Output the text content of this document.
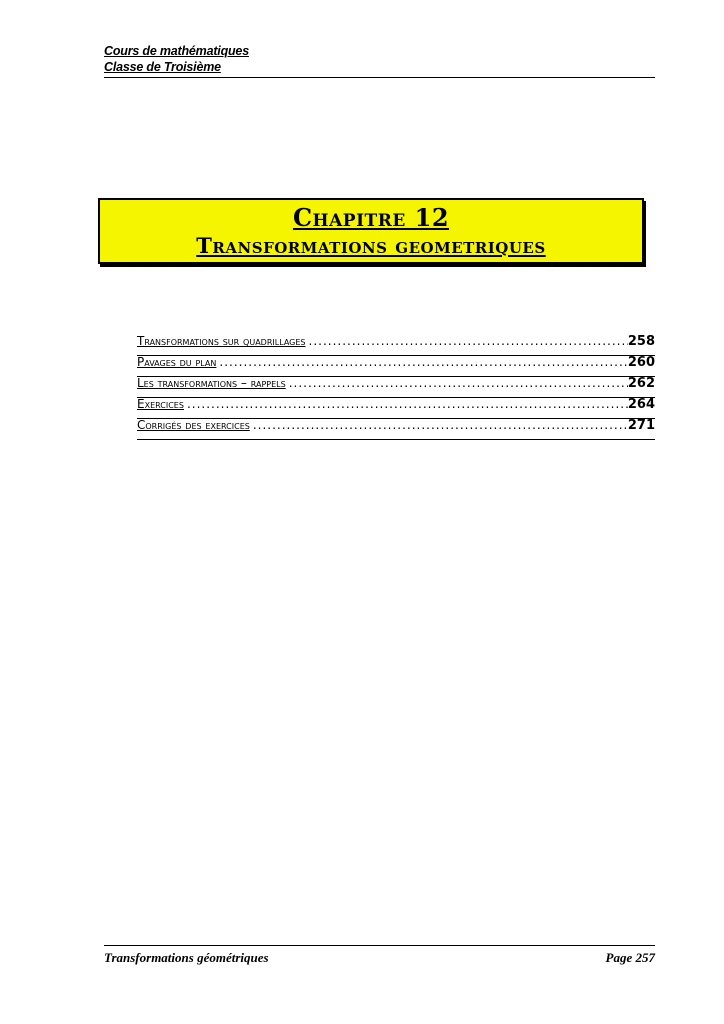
Cours de mathématiques
Classe de Troisième
Chapitre 12
Transformations geometriques
Transformations sur quadrillages .....	258
Pavages du plan .....	260
Les transformations – rappels .....	262
Exercices .....	264
Corrigés des exercices .....	271
Transformations géométriques	Page 257
